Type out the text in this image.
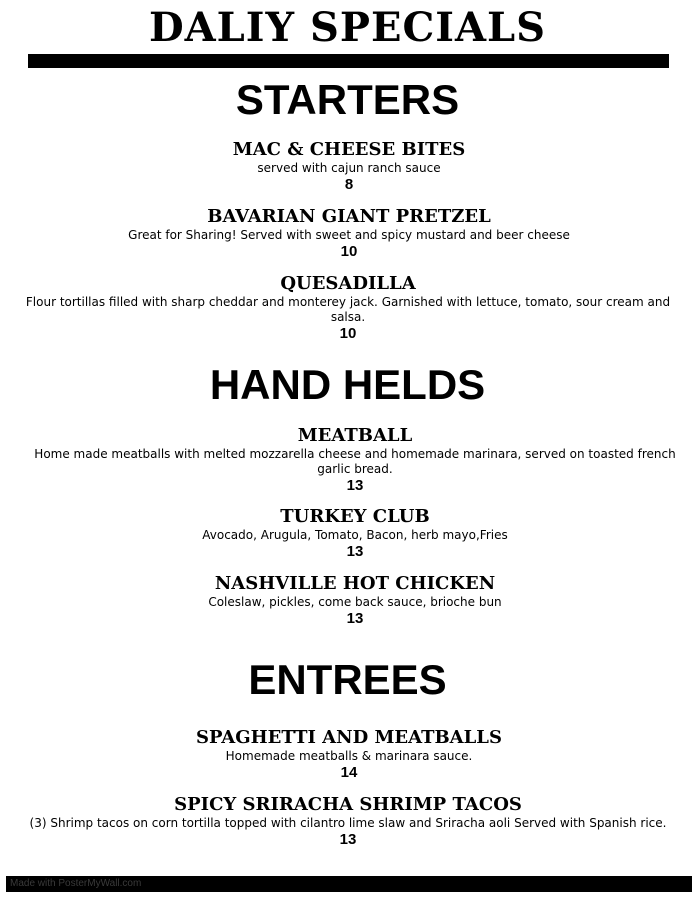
DALIY SPECIALS
STARTERS
MAC & CHEESE BITES
served with cajun ranch sauce
8
BAVARIAN GIANT PRETZEL
Great for Sharing! Served with sweet and spicy mustard and beer cheese
10
QUESADILLA
Flour tortillas filled with sharp cheddar and monterey jack. Garnished with lettuce, tomato, sour cream and salsa.
10
HAND HELDS
MEATBALL
Home made meatballs with melted mozzarella cheese and homemade marinara, served on toasted french garlic bread.
13
TURKEY CLUB
Avocado, Arugula, Tomato, Bacon, herb mayo,Fries
13
NASHVILLE HOT CHICKEN
Coleslaw, pickles, come back sauce, brioche bun
13
ENTREES
SPAGHETTI AND MEATBALLS
Homemade meatballs & marinara sauce.
14
SPICY SRIRACHA SHRIMP TACOS
(3) Shrimp tacos on corn tortilla topped with cilantro lime slaw and Sriracha aoli Served with Spanish rice.
13
Made with PosterMyWall.com
